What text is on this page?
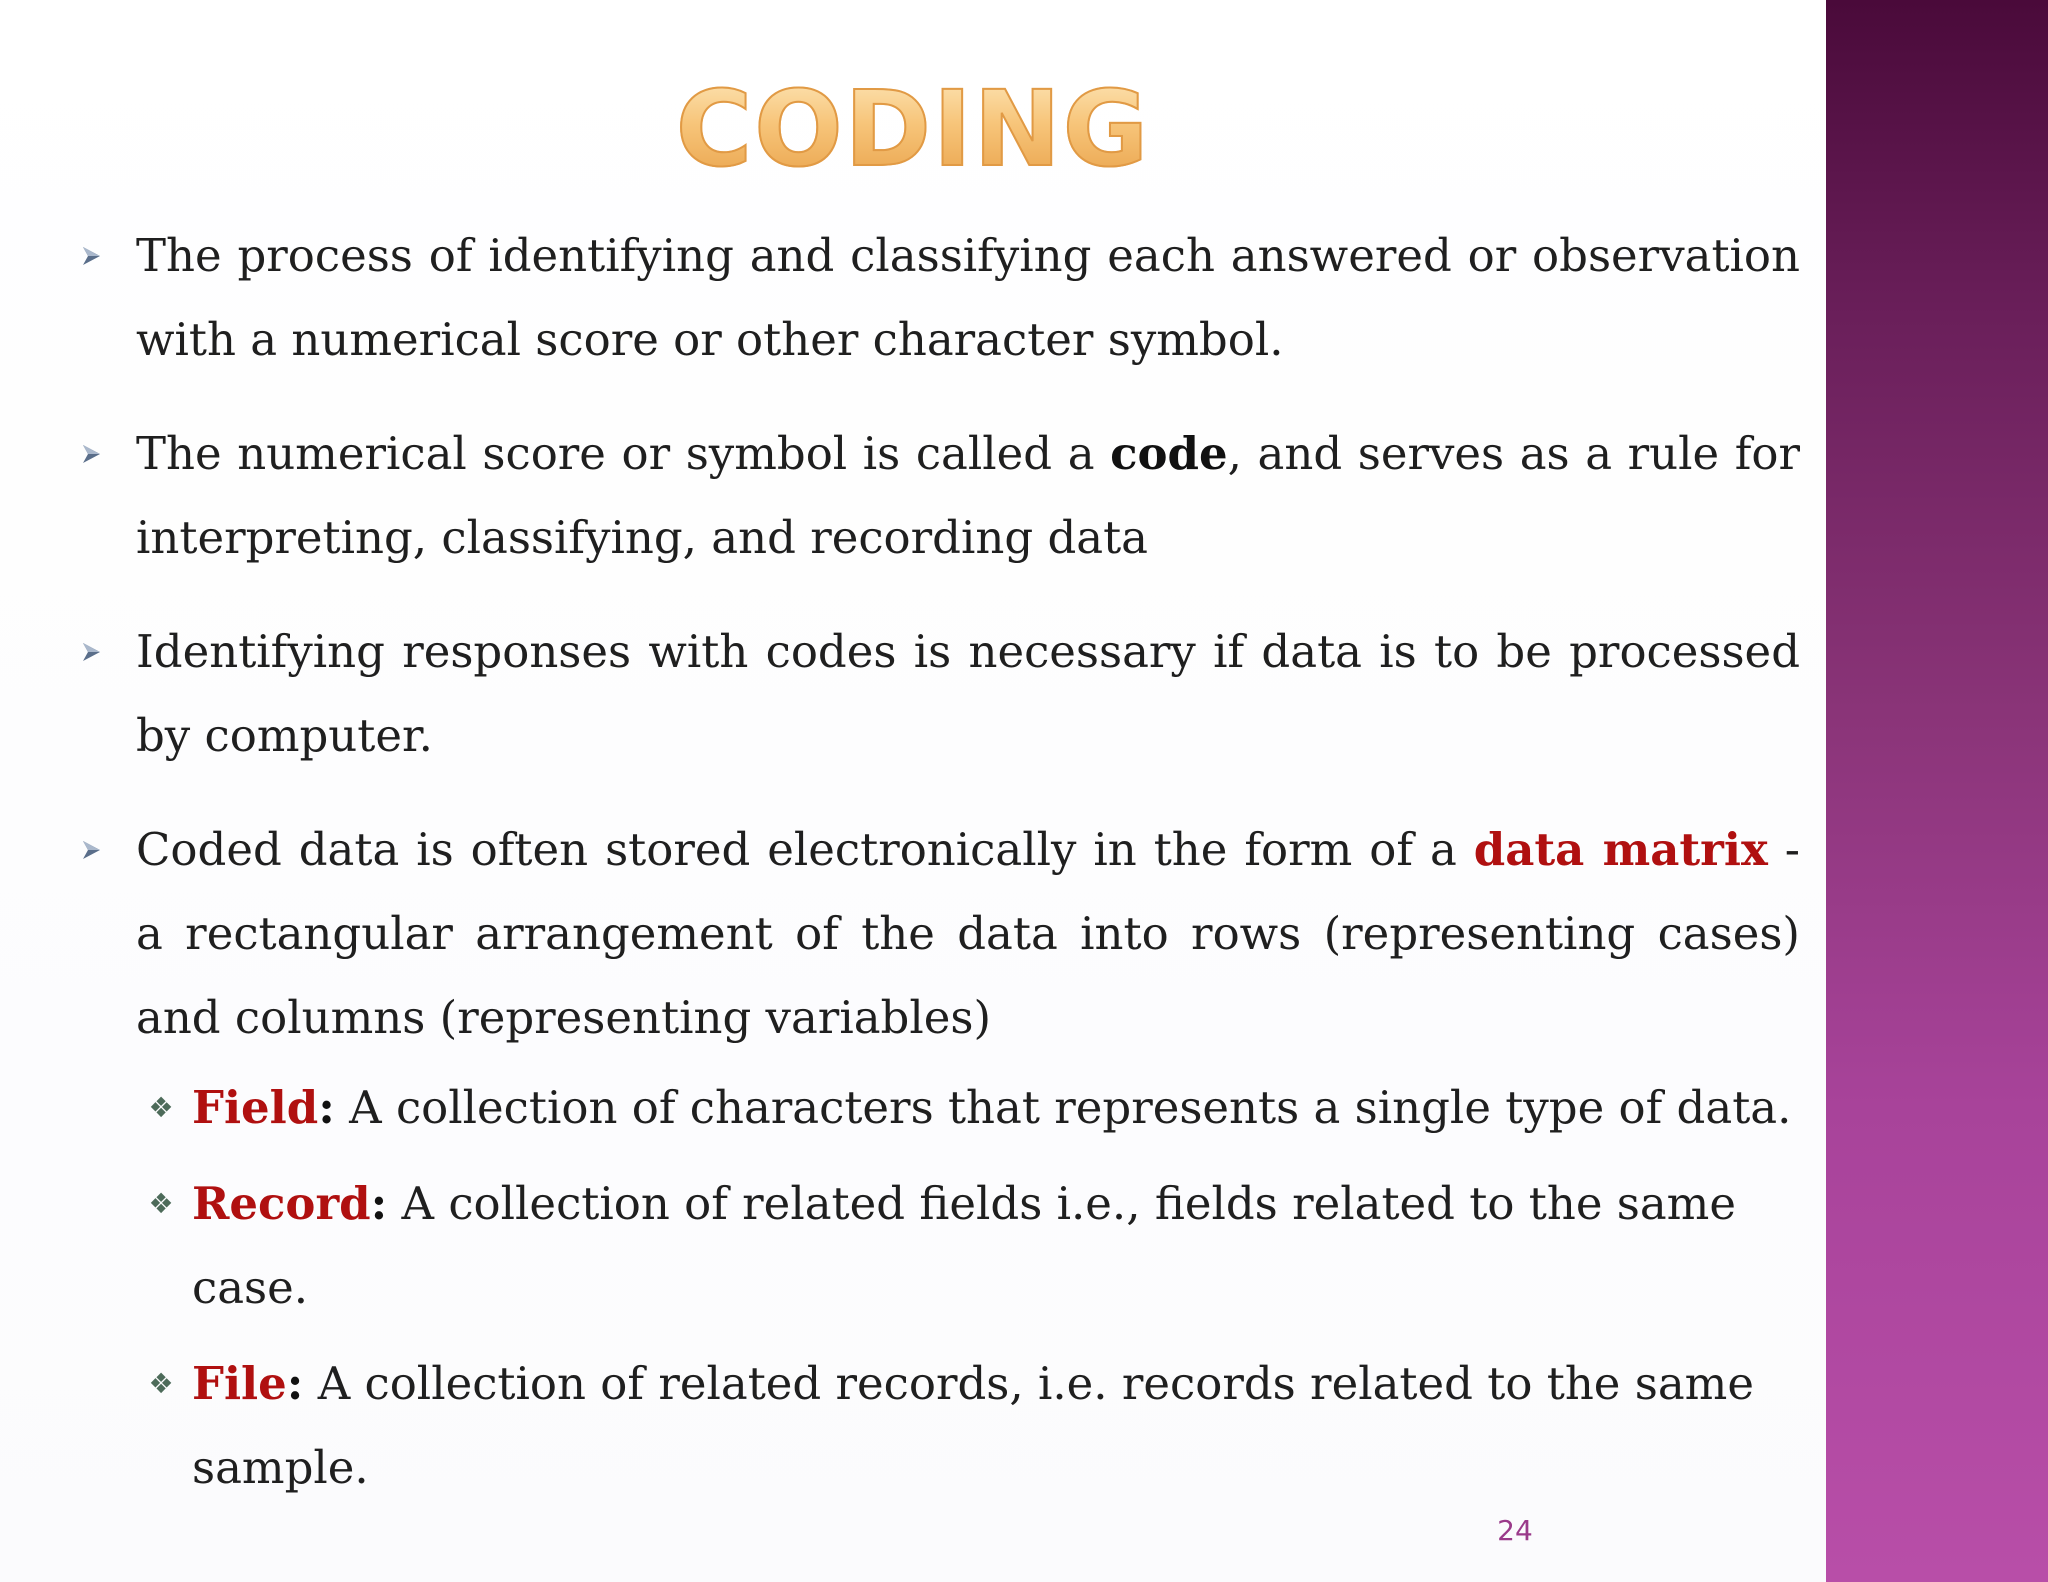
CODING
The process of identifying and classifying each answered or observation with a numerical score or other character symbol.
The numerical score or symbol is called a code, and serves as a rule for interpreting, classifying, and recording data
Identifying responses with codes is necessary if data is to be processed by computer.
Coded data is often stored electronically in the form of a data matrix - a rectangular arrangement of the data into rows (representing cases) and columns (representing variables)
❖ Field: A collection of characters that represents a single type of data.
❖ Record: A collection of related fields i.e., fields related to the same case.
❖ File: A collection of related records, i.e. records related to the same sample.
24
